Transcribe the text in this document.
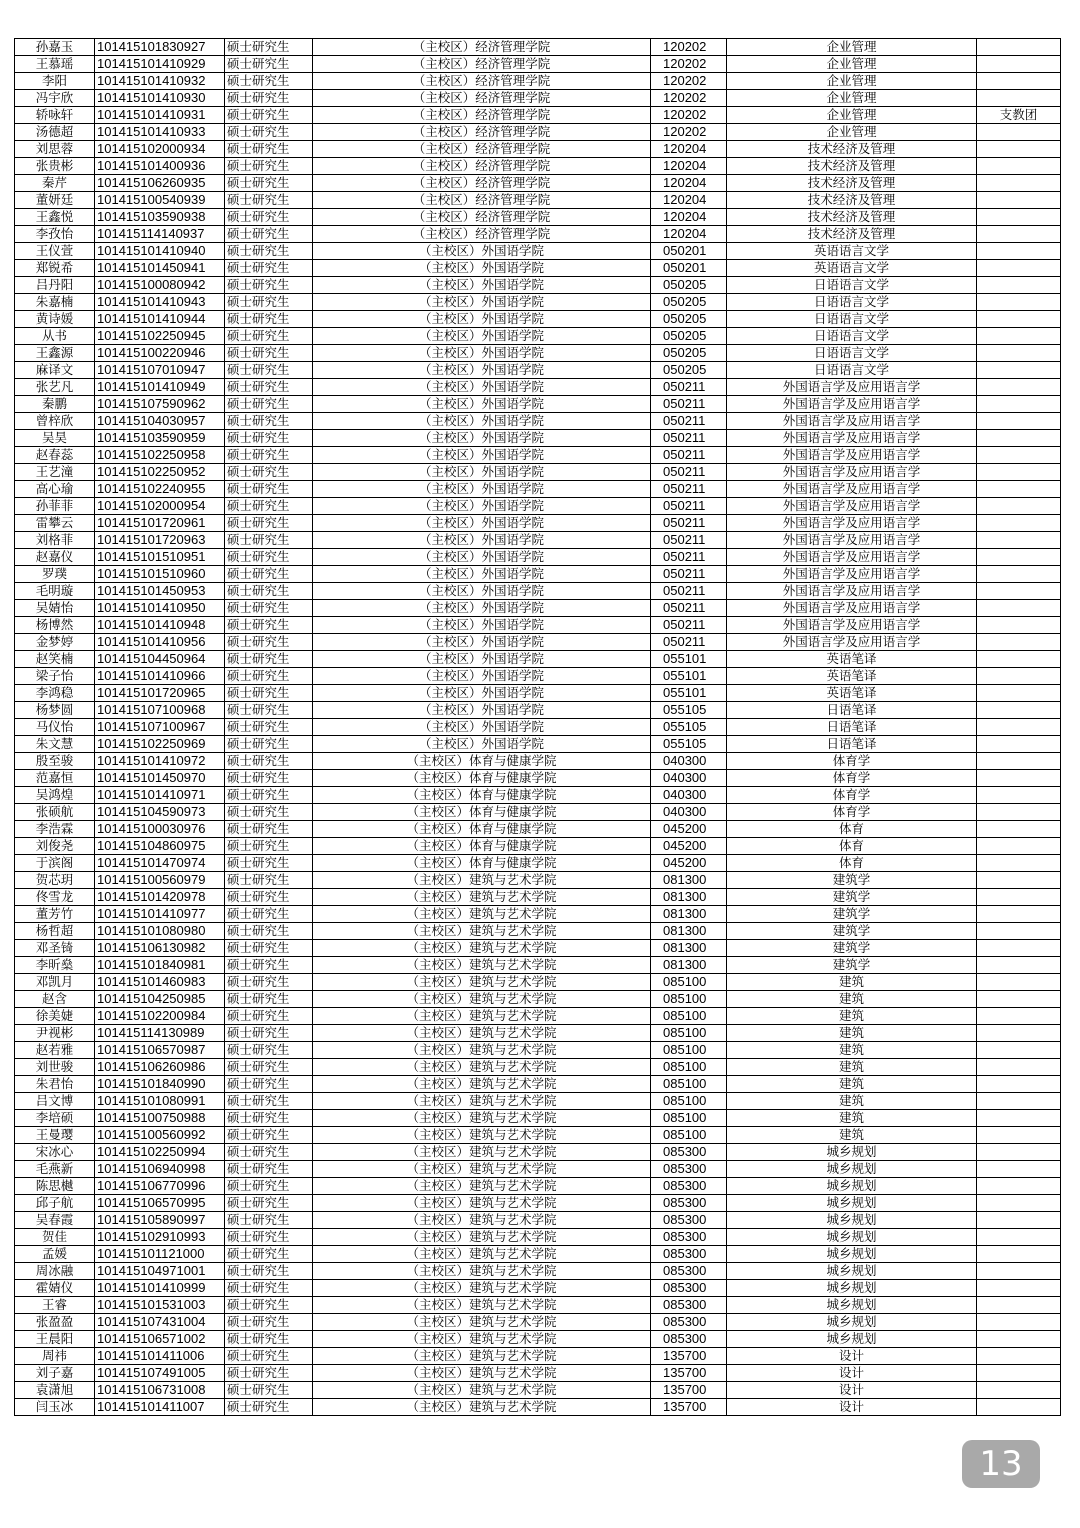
孙嘉玉	101415101830927	硕士研究生	（主校区）经济管理学院	120202	企业管理	
王慕瑶	101415101410929	硕士研究生	（主校区）经济管理学院	120202	企业管理	
李阳	101415101410932	硕士研究生	（主校区）经济管理学院	120202	企业管理	
冯宇欣	101415101410930	硕士研究生	（主校区）经济管理学院	120202	企业管理	
轿咏轩	101415101410931	硕士研究生	（主校区）经济管理学院	120202	企业管理	支教团
汤德超	101415101410933	硕士研究生	（主校区）经济管理学院	120202	企业管理	
刘思蓉	101415102000934	硕士研究生	（主校区）经济管理学院	120204	技术经济及管理	
张贵彬	101415101400936	硕士研究生	（主校区）经济管理学院	120204	技术经济及管理	
秦芹	101415106260935	硕士研究生	（主校区）经济管理学院	120204	技术经济及管理	
董妍廷	101415100540939	硕士研究生	（主校区）经济管理学院	120204	技术经济及管理	
王鑫悦	101415103590938	硕士研究生	（主校区）经济管理学院	120204	技术经济及管理	
李孜怡	101415114140937	硕士研究生	（主校区）经济管理学院	120204	技术经济及管理	
王仪萱	101415101410940	硕士研究生	（主校区）外国语学院	050201	英语语言文学	
郑锐希	101415101450941	硕士研究生	（主校区）外国语学院	050201	英语语言文学	
吕丹阳	101415100080942	硕士研究生	（主校区）外国语学院	050205	日语语言文学	
朱嘉楠	101415101410943	硕士研究生	（主校区）外国语学院	050205	日语语言文学	
黄诗媛	101415101410944	硕士研究生	（主校区）外国语学院	050205	日语语言文学	
从书	101415102250945	硕士研究生	（主校区）外国语学院	050205	日语语言文学	
王鑫源	101415100220946	硕士研究生	（主校区）外国语学院	050205	日语语言文学	
麻译文	101415107010947	硕士研究生	（主校区）外国语学院	050205	日语语言文学	
张艺凡	101415101410949	硕士研究生	（主校区）外国语学院	050211	外国语言学及应用语言学	
秦鹏	101415107590962	硕士研究生	（主校区）外国语学院	050211	外国语言学及应用语言学	
曾梓欣	101415104030957	硕士研究生	（主校区）外国语学院	050211	外国语言学及应用语言学	
吴昊	101415103590959	硕士研究生	（主校区）外国语学院	050211	外国语言学及应用语言学	
赵春蕊	101415102250958	硕士研究生	（主校区）外国语学院	050211	外国语言学及应用语言学	
王艺潼	101415102250952	硕士研究生	（主校区）外国语学院	050211	外国语言学及应用语言学	
高心瑜	101415102240955	硕士研究生	（主校区）外国语学院	050211	外国语言学及应用语言学	
孙菲菲	101415102000954	硕士研究生	（主校区）外国语学院	050211	外国语言学及应用语言学	
雷攀云	101415101720961	硕士研究生	（主校区）外国语学院	050211	外国语言学及应用语言学	
刘格菲	101415101720963	硕士研究生	（主校区）外国语学院	050211	外国语言学及应用语言学	
赵嘉仪	101415101510951	硕士研究生	（主校区）外国语学院	050211	外国语言学及应用语言学	
罗璞	101415101510960	硕士研究生	（主校区）外国语学院	050211	外国语言学及应用语言学	
毛明璇	101415101450953	硕士研究生	（主校区）外国语学院	050211	外国语言学及应用语言学	
吴婧怡	101415101410950	硕士研究生	（主校区）外国语学院	050211	外国语言学及应用语言学	
杨博然	101415101410948	硕士研究生	（主校区）外国语学院	050211	外国语言学及应用语言学	
金梦婷	101415101410956	硕士研究生	（主校区）外国语学院	050211	外国语言学及应用语言学	
赵笑楠	101415104450964	硕士研究生	（主校区）外国语学院	055101	英语笔译	
梁子怡	101415101410966	硕士研究生	（主校区）外国语学院	055101	英语笔译	
李鸿稳	101415101720965	硕士研究生	（主校区）外国语学院	055101	英语笔译	
杨梦圆	101415107100968	硕士研究生	（主校区）外国语学院	055105	日语笔译	
马仪怡	101415107100967	硕士研究生	（主校区）外国语学院	055105	日语笔译	
朱文慧	101415102250969	硕士研究生	（主校区）外国语学院	055105	日语笔译	
殷至骏	101415101410972	硕士研究生	（主校区）体育与健康学院	040300	体育学	
范嘉恒	101415101450970	硕士研究生	（主校区）体育与健康学院	040300	体育学	
吴鸿煌	101415101410971	硕士研究生	（主校区）体育与健康学院	040300	体育学	
张硕航	101415104590973	硕士研究生	（主校区）体育与健康学院	040300	体育学	
李浩霖	101415100030976	硕士研究生	（主校区）体育与健康学院	045200	体育	
刘俊尧	101415104860975	硕士研究生	（主校区）体育与健康学院	045200	体育	
于滨阁	101415101470974	硕士研究生	（主校区）体育与健康学院	045200	体育	
贺芯玥	101415100560979	硕士研究生	（主校区）建筑与艺术学院	081300	建筑学	
佟雪龙	101415101420978	硕士研究生	（主校区）建筑与艺术学院	081300	建筑学	
董芳竹	101415101410977	硕士研究生	（主校区）建筑与艺术学院	081300	建筑学	
杨哲超	101415101080980	硕士研究生	（主校区）建筑与艺术学院	081300	建筑学	
邓圣锜	101415106130982	硕士研究生	（主校区）建筑与艺术学院	081300	建筑学	
李昕燊	101415101840981	硕士研究生	（主校区）建筑与艺术学院	081300	建筑学	
邓凯月	101415101460983	硕士研究生	（主校区）建筑与艺术学院	085100	建筑	
赵含	101415104250985	硕士研究生	（主校区）建筑与艺术学院	085100	建筑	
徐美婕	101415102200984	硕士研究生	（主校区）建筑与艺术学院	085100	建筑	
尹视彬	101415114130989	硕士研究生	（主校区）建筑与艺术学院	085100	建筑	
赵若雅	101415106570987	硕士研究生	（主校区）建筑与艺术学院	085100	建筑	
刘世骏	101415106260986	硕士研究生	（主校区）建筑与艺术学院	085100	建筑	
朱君怡	101415101840990	硕士研究生	（主校区）建筑与艺术学院	085100	建筑	
吕文博	101415101080991	硕士研究生	（主校区）建筑与艺术学院	085100	建筑	
李培硕	101415100750988	硕士研究生	（主校区）建筑与艺术学院	085100	建筑	
王曼璎	101415100560992	硕士研究生	（主校区）建筑与艺术学院	085100	建筑	
宋冰心	101415102250994	硕士研究生	（主校区）建筑与艺术学院	085300	城乡规划	
毛燕新	101415106940998	硕士研究生	（主校区）建筑与艺术学院	085300	城乡规划	
陈思樾	101415106770996	硕士研究生	（主校区）建筑与艺术学院	085300	城乡规划	
邱子航	101415106570995	硕士研究生	（主校区）建筑与艺术学院	085300	城乡规划	
吴春霞	101415105890997	硕士研究生	（主校区）建筑与艺术学院	085300	城乡规划	
贺佳	101415102910993	硕士研究生	（主校区）建筑与艺术学院	085300	城乡规划	
孟媛	101415101121000	硕士研究生	（主校区）建筑与艺术学院	085300	城乡规划	
周冰融	101415104971001	硕士研究生	（主校区）建筑与艺术学院	085300	城乡规划	
霍婧仪	101415101410999	硕士研究生	（主校区）建筑与艺术学院	085300	城乡规划	
王睿	101415101531003	硕士研究生	（主校区）建筑与艺术学院	085300	城乡规划	
张盈盈	101415107431004	硕士研究生	（主校区）建筑与艺术学院	085300	城乡规划	
王晨阳	101415106571002	硕士研究生	（主校区）建筑与艺术学院	085300	城乡规划	
周祎	101415101411006	硕士研究生	（主校区）建筑与艺术学院	135700	设计	
刘子嘉	101415107491005	硕士研究生	（主校区）建筑与艺术学院	135700	设计	
袁潇旭	101415106731008	硕士研究生	（主校区）建筑与艺术学院	135700	设计	
闫玉冰	101415101411007	硕士研究生	（主校区）建筑与艺术学院	135700	设计	
13
